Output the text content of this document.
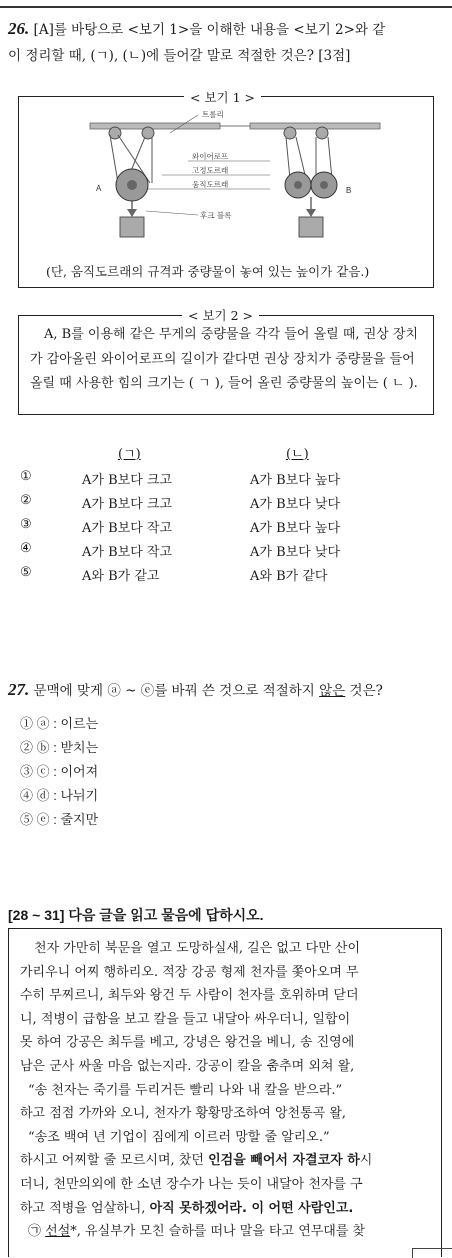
26. [A]를 바탕으로 <보기 1>을 이해한 내용을 <보기 2>와 같
이 정리할 때, (ㄱ), (ㄴ)에 들어갈 말로 적절한 것은? [3점]
< 보기 1 >
A	B
트롤리
와이어로프
고정도르래
움직도르래
후크 블록
(단, 움직도르래의 규격과 중량물이 놓여 있는 높이가 같음.)
< 보기 2 >
A, B를 이용해 같은 무게의 중량물을 각각 들어 올릴 때, 권상 장치가 감아올린 와이어로프의 길이가 같다면 권상 장치가 중량물을 들어 올릴 때 사용한 힘의 크기는 ( ㄱ ), 들어 올린 중량물의 높이는 ( ㄴ ).
(ㄱ)	(ㄴ)
①	A가 B보다 크고	A가 B보다 높다
②	A가 B보다 크고	A가 B보다 낮다
③	A가 B보다 작고	A가 B보다 높다
④	A가 B보다 작고	A가 B보다 낮다
⑤	A와 B가 같고	A와 B가 같다
27. 문맥에 맞게 ⓐ ~ ⓔ를 바꿔 쓴 것으로 적절하지 않은 것은?
① ⓐ : 이르는
② ⓑ : 받치는
③ ⓒ : 이어져
④ ⓓ : 나뉘기
⑤ ⓔ : 줄지만
[28 ~ 31] 다음 글을 읽고 물음에 답하시오.
천자 가만히 북문을 열고 도망하실새, 길은 없고 다만 산이
가리우니 어찌 행하리오. 적장 강공 형제 천자를 쫓아오며 무
수히 무찌르니, 최두와 왕건 두 사람이 천자를 호위하며 닫더
니, 적병이 급함을 보고 칼을 들고 내달아 싸우더니, 일합이
못 하여 강공은 최두를 베고, 강녕은 왕건을 베니, 송 진영에
남은 군사 싸울 마음 없는지라. 강공이 칼을 춤추며 외쳐 왈,
“송 천자는 죽기를 두리거든 빨리 나와 내 칼을 받으라.”
하고 점점 가까와 오니, 천자가 황황망조하여 앙천통곡 왈,
“송조 백여 년 기업이 짐에게 이르러 망할 줄 알리오.”
하시고 어찌할 줄 모르시며, 찼던 인검을 빼어서 자결코자 하시
더니, 천만의외에 한 소년 장수가 나는 듯이 내달아 천자를 구
하고 적병을 엄살하니, 아직 못하겠어라. 이 어떤 사람인고.
㉠ 선설*, 유실부가 모친 슬하를 떠나 말을 타고 연무대를 찾
